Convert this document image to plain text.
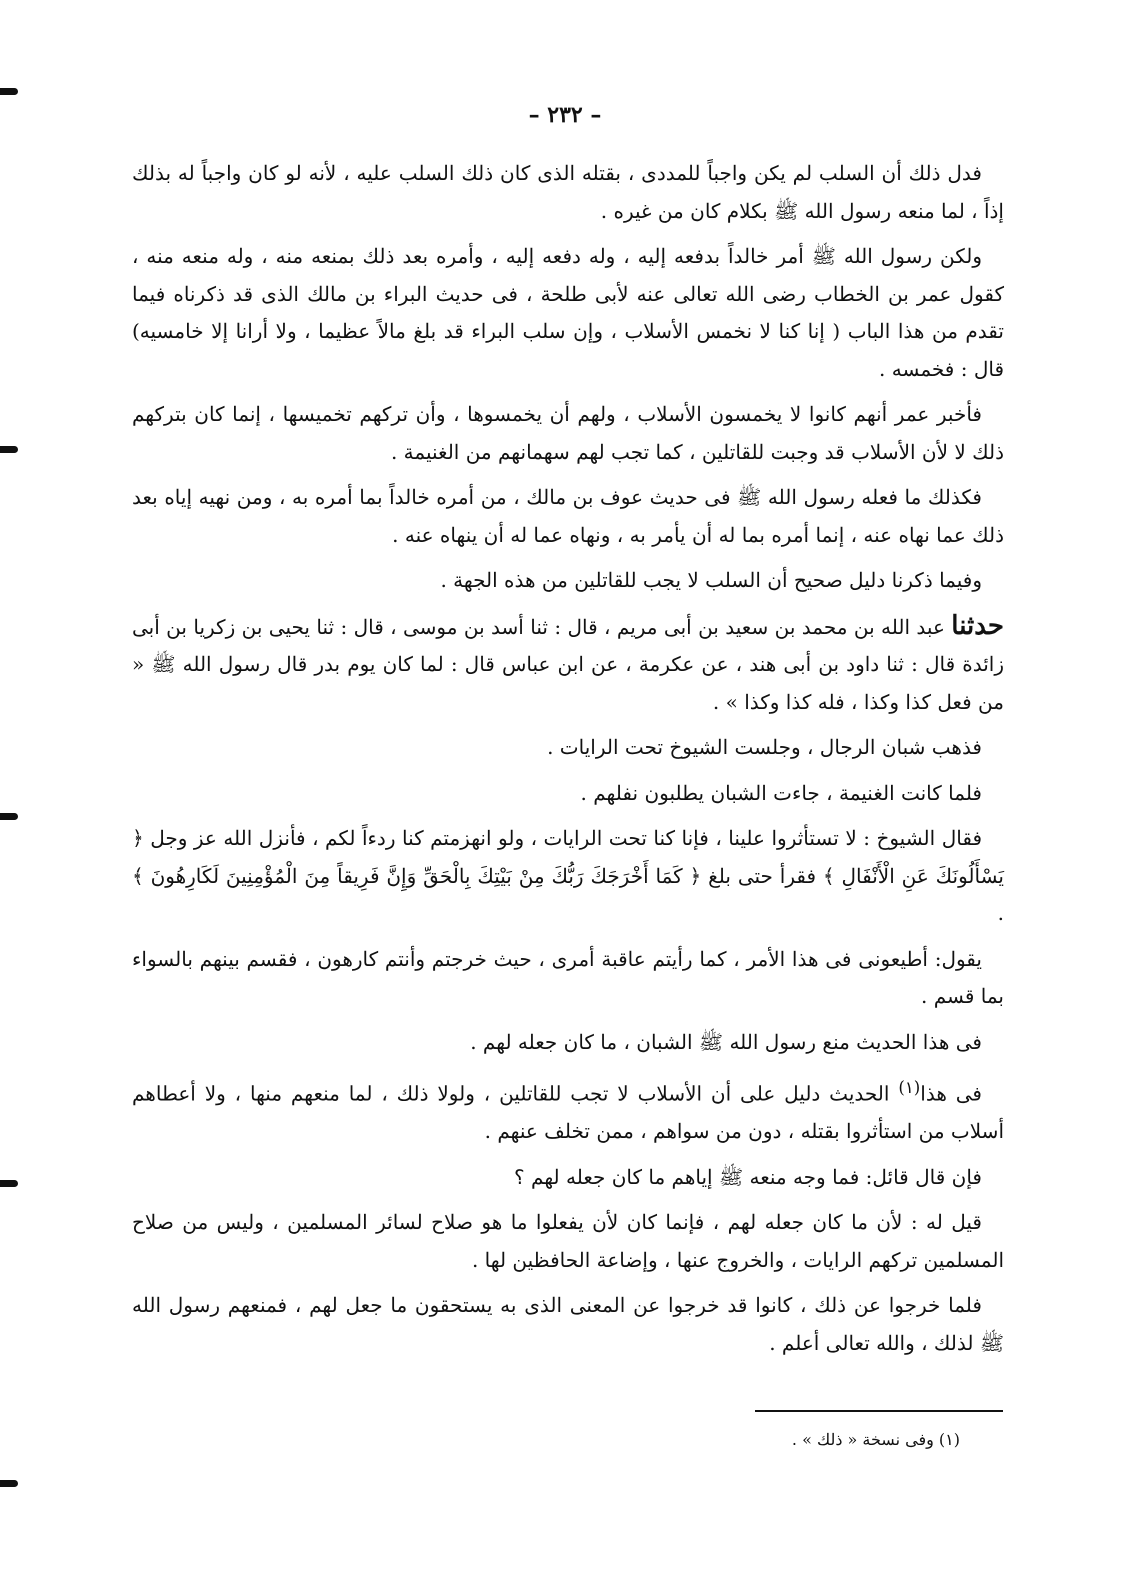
– ٢٣٢ –

فدل ذلك أن السلب لم يكن واجباً للمددى ، بقتله الذى كان ذلك السلب عليه ، لأنه لو كان واجباً له بذلك إذاً ، لما منعه رسول الله ﷺ بكلام كان من غيره .

ولكن رسول الله ﷺ أمر خالداً بدفعه إليه ، وله دفعه إليه ، وأمره بعد ذلك بمنعه منه ، وله منعه منه ، كقول عمر بن الخطاب رضى الله تعالى عنه لأبى طلحة ، فى حديث البراء بن مالك الذى قد ذكرناه فيما تقدم من هذا الباب ( إنا كنا لا نخمس الأسلاب ، وإن سلب البراء قد بلغ مالاً عظيما ، ولا أرانا إلا خامسيه) قال : فخمسه .

فأخبر عمر أنهم كانوا لا يخمسون الأسلاب ، ولهم أن يخمسوها ، وأن تركهم تخميسها ، إنما كان بتركهم ذلك لا لأن الأسلاب قد وجبت للقاتلين ، كما تجب لهم سهمانهم من الغنيمة .

فكذلك ما فعله رسول الله ﷺ فى حديث عوف بن مالك ، من أمره خالداً بما أمره به ، ومن نهيه إياه بعد ذلك عما نهاه عنه ، إنما أمره بما له أن يأمر به ، ونهاه عما له أن ينهاه عنه .

وفيما ذكرنا دليل صحيح أن السلب لا يجب للقاتلين من هذه الجهة .

حدثنا عبد الله بن محمد بن سعيد بن أبى مريم ، قال : ثنا أسد بن موسى ، قال : ثنا يحيى بن زكريا بن أبى زائدة قال : ثنا داود بن أبى هند ، عن عكرمة ، عن ابن عباس قال : لما كان يوم بدر قال رسول الله ﷺ « من فعل كذا وكذا ، فله كذا وكذا » .

فذهب شبان الرجال ، وجلست الشيوخ تحت الرايات .

فلما كانت الغنيمة ، جاءت الشبان يطلبون نفلهم .

فقال الشيوخ : لا تستأثروا علينا ، فإنا كنا تحت الرايات ، ولو انهزمتم كنا ردءاً لكم ، فأنزل الله عز وجل ﴿ يَسْأَلُونَكَ عَنِ الْأَنْفَالِ ﴾ فقرأ حتى بلغ ﴿ كَمَا أَخْرَجَكَ رَبُّكَ مِنْ بَيْتِكَ بِالْحَقِّ وَإِنَّ فَرِيقاً مِنَ الْمُؤْمِنِينَ لَكَارِهُونَ ﴾ .

يقول: أطيعونى فى هذا الأمر ، كما رأيتم عاقبة أمرى ، حيث خرجتم وأنتم كارهون ، فقسم بينهم بالسواء بما قسم .

فى هذا الحديث منع رسول الله ﷺ الشبان ، ما كان جعله لهم .

فى هذا$^{(١)}$ الحديث دليل على أن الأسلاب لا تجب للقاتلين ، ولولا ذلك ، لما منعهم منها ، ولا أعطاهم أسلاب من استأثروا بقتله ، دون من سواهم ، ممن تخلف عنهم .

فإن قال قائل: فما وجه منعه ﷺ إياهم ما كان جعله لهم ؟

قيل له : لأن ما كان جعله لهم ، فإنما كان لأن يفعلوا ما هو صلاح لسائر المسلمين ، وليس من صلاح المسلمين تركهم الرايات ، والخروج عنها ، وإضاعة الحافظين لها .

فلما خرجوا عن ذلك ، كانوا قد خرجوا عن المعنى الذى به يستحقون ما جعل لهم ، فمنعهم رسول الله ﷺ لذلك ، والله تعالى أعلم .

(١) وفى نسخة « ذلك » .
